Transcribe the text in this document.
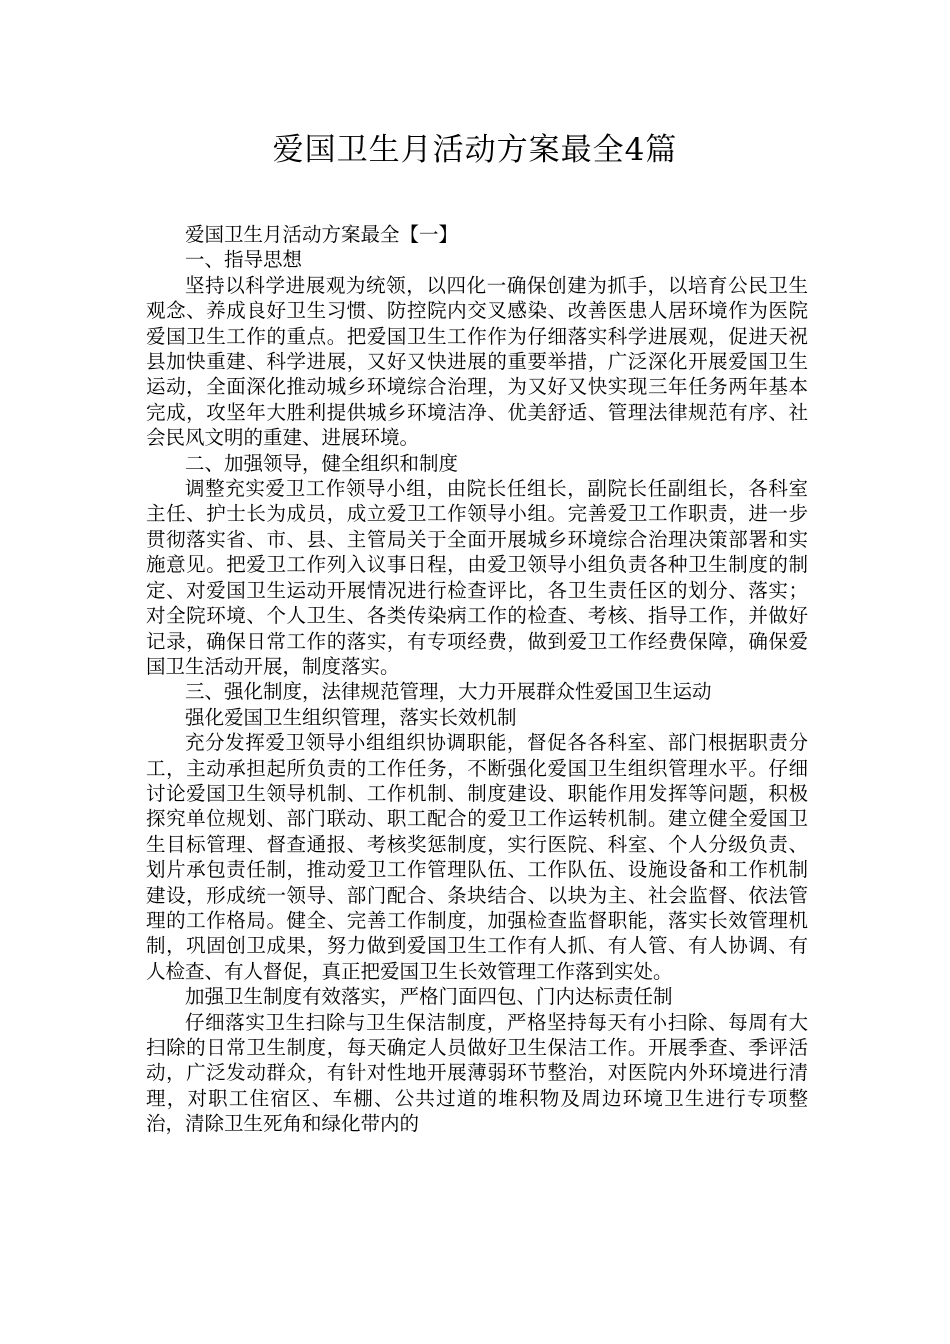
爱国卫生月活动方案最全4篇

爱国卫生月活动方案最全【一】

一、指导思想

坚持以科学进展观为统领，以四化一确保创建为抓手，以培育公民卫生观念、养成良好卫生习惯、防控院内交叉感染、改善医患人居环境作为医院爱国卫生工作的重点。把爱国卫生工作作为仔细落实科学进展观，促进天祝县加快重建、科学进展，又好又快进展的重要举措，广泛深化开展爱国卫生运动，全面深化推动城乡环境综合治理，为又好又快实现三年任务两年基本完成，攻坚年大胜利提供城乡环境洁净、优美舒适、管理法律规范有序、社会民风文明的重建、进展环境。

二、加强领导，健全组织和制度

调整充实爱卫工作领导小组，由院长任组长，副院长任副组长，各科室主任、护士长为成员，成立爱卫工作领导小组。完善爱卫工作职责，进一步贯彻落实省、市、县、主管局关于全面开展城乡环境综合治理决策部署和实施意见。把爱卫工作列入议事日程，由爱卫领导小组负责各种卫生制度的制定、对爱国卫生运动开展情况进行检查评比，各卫生责任区的划分、落实；对全院环境、个人卫生、各类传染病工作的检查、考核、指导工作，并做好记录，确保日常工作的落实，有专项经费，做到爱卫工作经费保障，确保爱国卫生活动开展，制度落实。

三、强化制度，法律规范管理，大力开展群众性爱国卫生运动

强化爱国卫生组织管理，落实长效机制

充分发挥爱卫领导小组组织协调职能，督促各各科室、部门根据职责分工，主动承担起所负责的工作任务，不断强化爱国卫生组织管理水平。仔细讨论爱国卫生领导机制、工作机制、制度建设、职能作用发挥等问题，积极探究单位规划、部门联动、职工配合的爱卫工作运转机制。建立健全爱国卫生目标管理、督查通报、考核奖惩制度，实行医院、科室、个人分级负责、划片承包责任制，推动爱卫工作管理队伍、工作队伍、设施设备和工作机制建设，形成统一领导、部门配合、条块结合、以块为主、社会监督、依法管理的工作格局。健全、完善工作制度，加强检查监督职能，落实长效管理机制，巩固创卫成果，努力做到爱国卫生工作有人抓、有人管、有人协调、有人检查、有人督促，真正把爱国卫生长效管理工作落到实处。

加强卫生制度有效落实，严格门面四包、门内达标责任制

仔细落实卫生扫除与卫生保洁制度，严格坚持每天有小扫除、每周有大扫除的日常卫生制度，每天确定人员做好卫生保洁工作。开展季查、季评活动，广泛发动群众，有针对性地开展薄弱环节整治，对医院内外环境进行清理，对职工住宿区、车棚、公共过道的堆积物及周边环境卫生进行专项整治，清除卫生死角和绿化带内的
